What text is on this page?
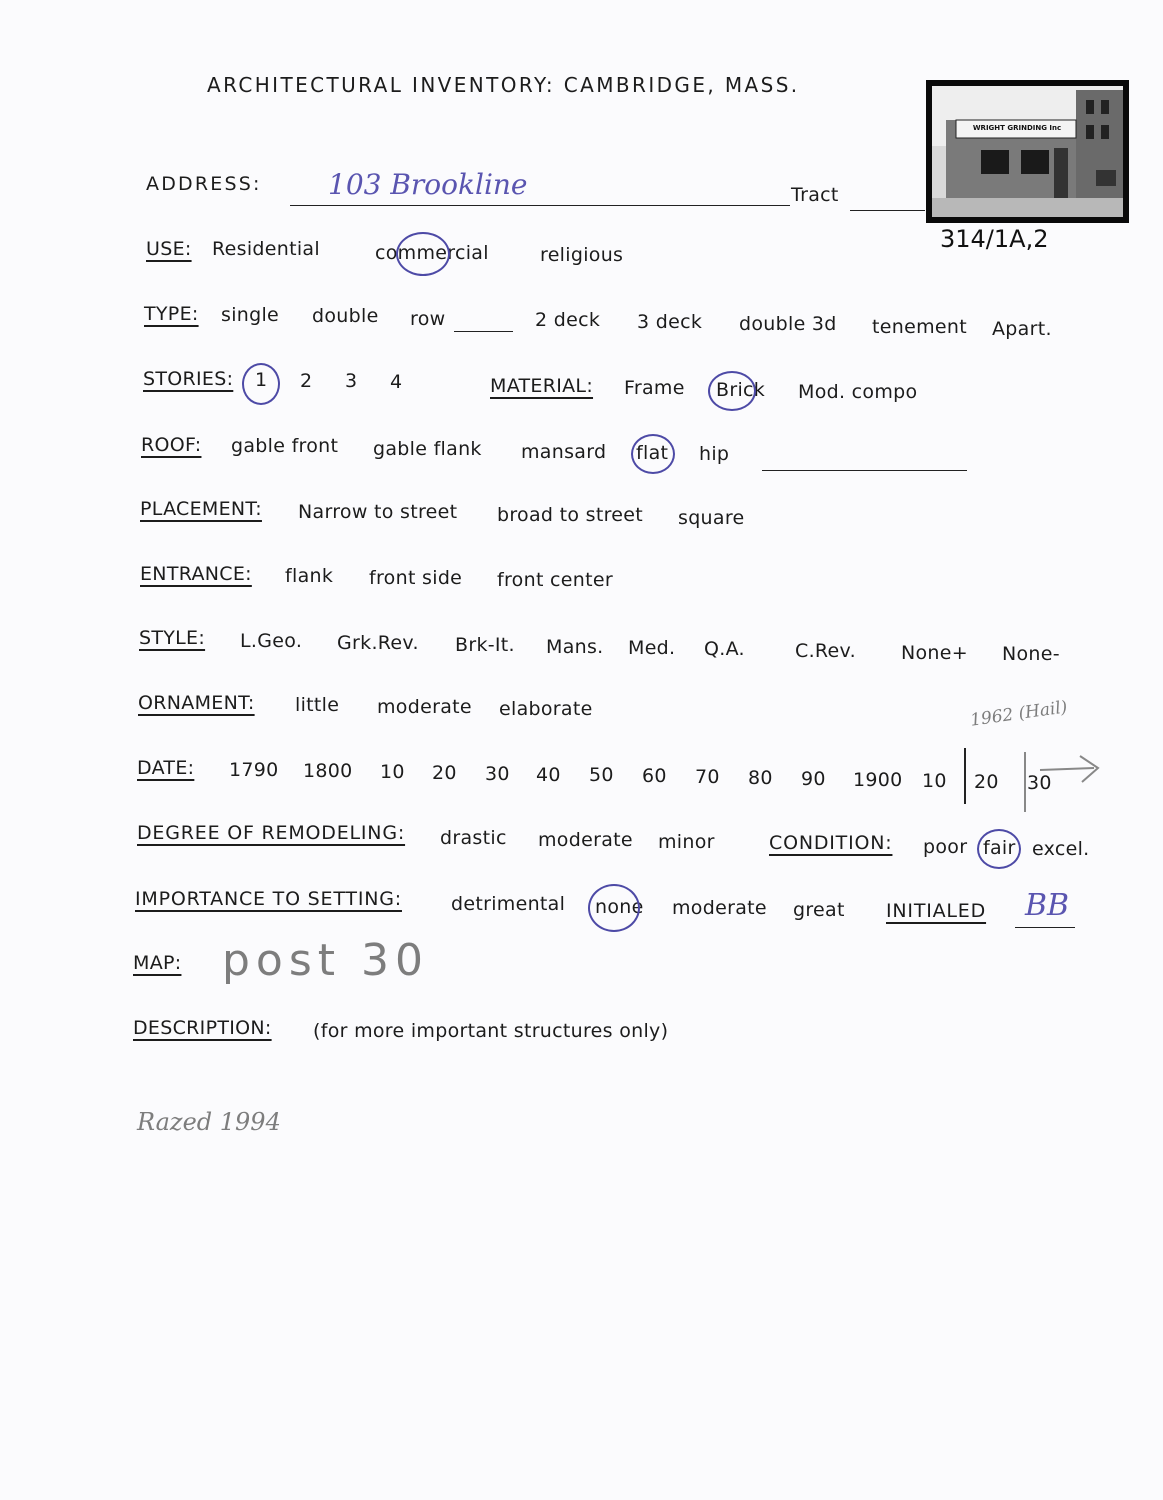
ARCHITECTURAL INVENTORY: CAMBRIDGE, MASS.
WRIGHT GRINDING Inc
314/1A,2
ADDRESS: 103 Brookline	Tract
USE: Residential	commercial	religious
TYPE: single double row	2 deck 3 deck double 3d tenement Apart.
STORIES: 1 2 3 4	MATERIAL: Frame Brick Mod. compo
ROOF: gable front gable flank mansard flat hip
PLACEMENT: Narrow to street broad to street square
ENTRANCE: flank front side front center
STYLE: L.Geo. Grk.Rev. Brk-It. Mans. Med. Q.A.	C.Rev. None+ None-
ORNAMENT: little moderate elaborate	1962 (Hail)
DATE: 1790 1800 10 20 30 40 50 60 70 80 90 1900 10 20 30
DEGREE OF REMODELING: drastic moderate minor	CONDITION: poor fair excel.
IMPORTANCE TO SETTING:	detrimental none moderate great INITIALED BB
MAP: post 30
DESCRIPTION: (for more important structures only)
Razed 1994
